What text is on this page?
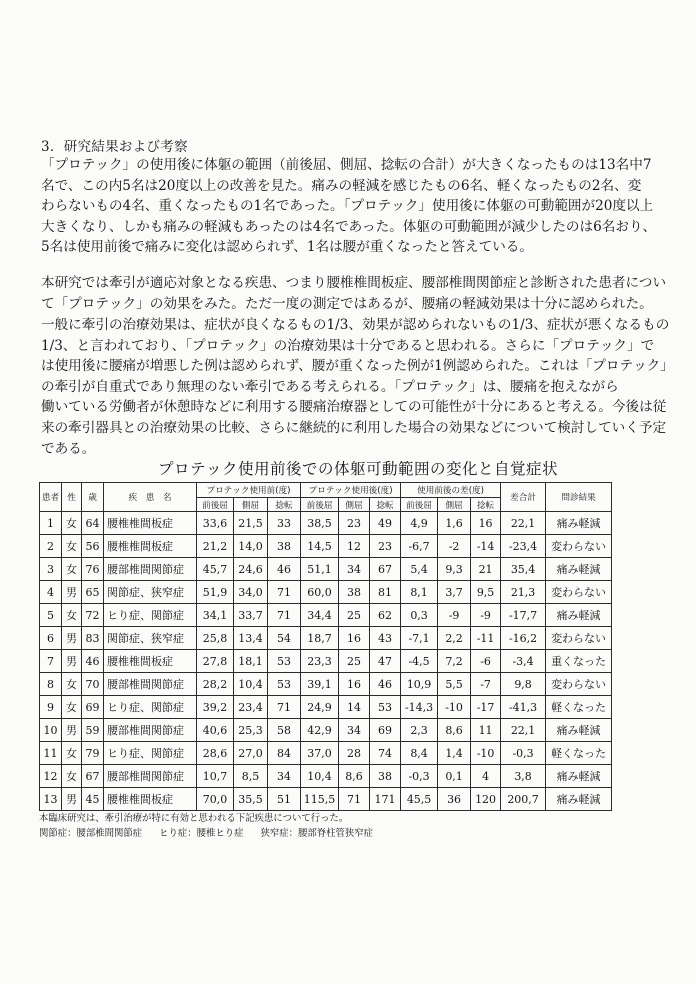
3．研究結果および考察
「プロテック」の使用後に体躯の範囲（前後屈、側屈、捻転の合計）が大きくなったものは13名中7
名で、この内5名は20度以上の改善を見た。痛みの軽減を感じたもの6名、軽くなったもの2名、変
わらないもの4名、重くなったもの1名であった。「プロテック」使用後に体躯の可動範囲が20度以上
大きくなり、しかも痛みの軽減もあったのは4名であった。体躯の可動範囲が減少したのは6名おり、
5名は使用前後で痛みに変化は認められず、1名は腰が重くなったと答えている。
本研究では牽引が適応対象となる疾患、つまり腰椎椎間板症、腰部椎間関節症と診断された患者につい
て「プロテック」の効果をみた。ただ一度の測定ではあるが、腰痛の軽減効果は十分に認められた。
一般に牽引の治療効果は、症状が良くなるもの1/3、効果が認められないもの1/3、症状が悪くなるもの
1/3、と言われており、「プロテック」の治療効果は十分であると思われる。さらに「プロテック」で
は使用後に腰痛が増悪した例は認められず、腰が重くなった例が1例認められた。これは「プロテック」
の牽引が自重式であり無理のない牽引である考えられる。「プロテック」は、腰痛を抱えながら
働いている労働者が休憩時などに利用する腰痛治療器としての可能性が十分にあると考える。今後は従
来の牽引器具との治療効果の比較、さらに継続的に利用した場合の効果などについて検討していく予定
である。
プロテック使用前後での体躯可動範囲の変化と自覚症状
患者	性	歳	疾　患　名	プロテック使用前(度)			プロテック使用後(度)			使用前後の差(度)			差合計	問診結果
				前後屈	側屈	捻転	前後屈	側屈	捻転	前後屈	側屈	捻転		
1	女	64	腰椎椎間板症	33,6	21,5	33	38,5	23	49	4,9	1,6	16	22,1	痛み軽減
2	女	56	腰椎椎間板症	21,2	14,0	38	14,5	12	23	-6,7	-2	-14	-23,4	変わらない
3	女	76	腰部椎間関節症	45,7	24,6	46	51,1	34	67	5,4	9,3	21	35,4	痛み軽減
4	男	65	関節症、狭窄症	51,9	34,0	71	60,0	38	81	8,1	3,7	9,5	21,3	変わらない
5	女	72	ヒり症、関節症	34,1	33,7	71	34,4	25	62	0,3	-9	-9	-17,7	痛み軽減
6	男	83	関節症、狭窄症	25,8	13,4	54	18,7	16	43	-7,1	2,2	-11	-16,2	変わらない
7	男	46	腰椎椎間板症	27,8	18,1	53	23,3	25	47	-4,5	7,2	-6	-3,4	重くなった
8	女	70	腰部椎間関節症	28,2	10,4	53	39,1	16	46	10,9	5,5	-7	9,8	変わらない
9	女	69	ヒり症、関節症	39,2	23,4	71	24,9	14	53	-14,3	-10	-17	-41,3	軽くなった
10	男	59	腰部椎間関節症	40,6	25,3	58	42,9	34	69	2,3	8,6	11	22,1	痛み軽減
11	女	79	ヒり症、関節症	28,6	27,0	84	37,0	28	74	8,4	1,4	-10	-0,3	軽くなった
12	女	67	腰部椎間関節症	10,7	8,5	34	10,4	8,6	38	-0,3	0,1	4	3,8	痛み軽減
13	男	45	腰椎椎間板症	70,0	35,5	51	115,5	71	171	45,5	36	120	200,7	痛み軽減
本臨床研究は、牽引治療が特に有効と思われる下記疾患について行った。
関節症：腰部椎間関節症 ヒり症：腰椎ヒり症 狭窄症：腰部脊柱管狭窄症
